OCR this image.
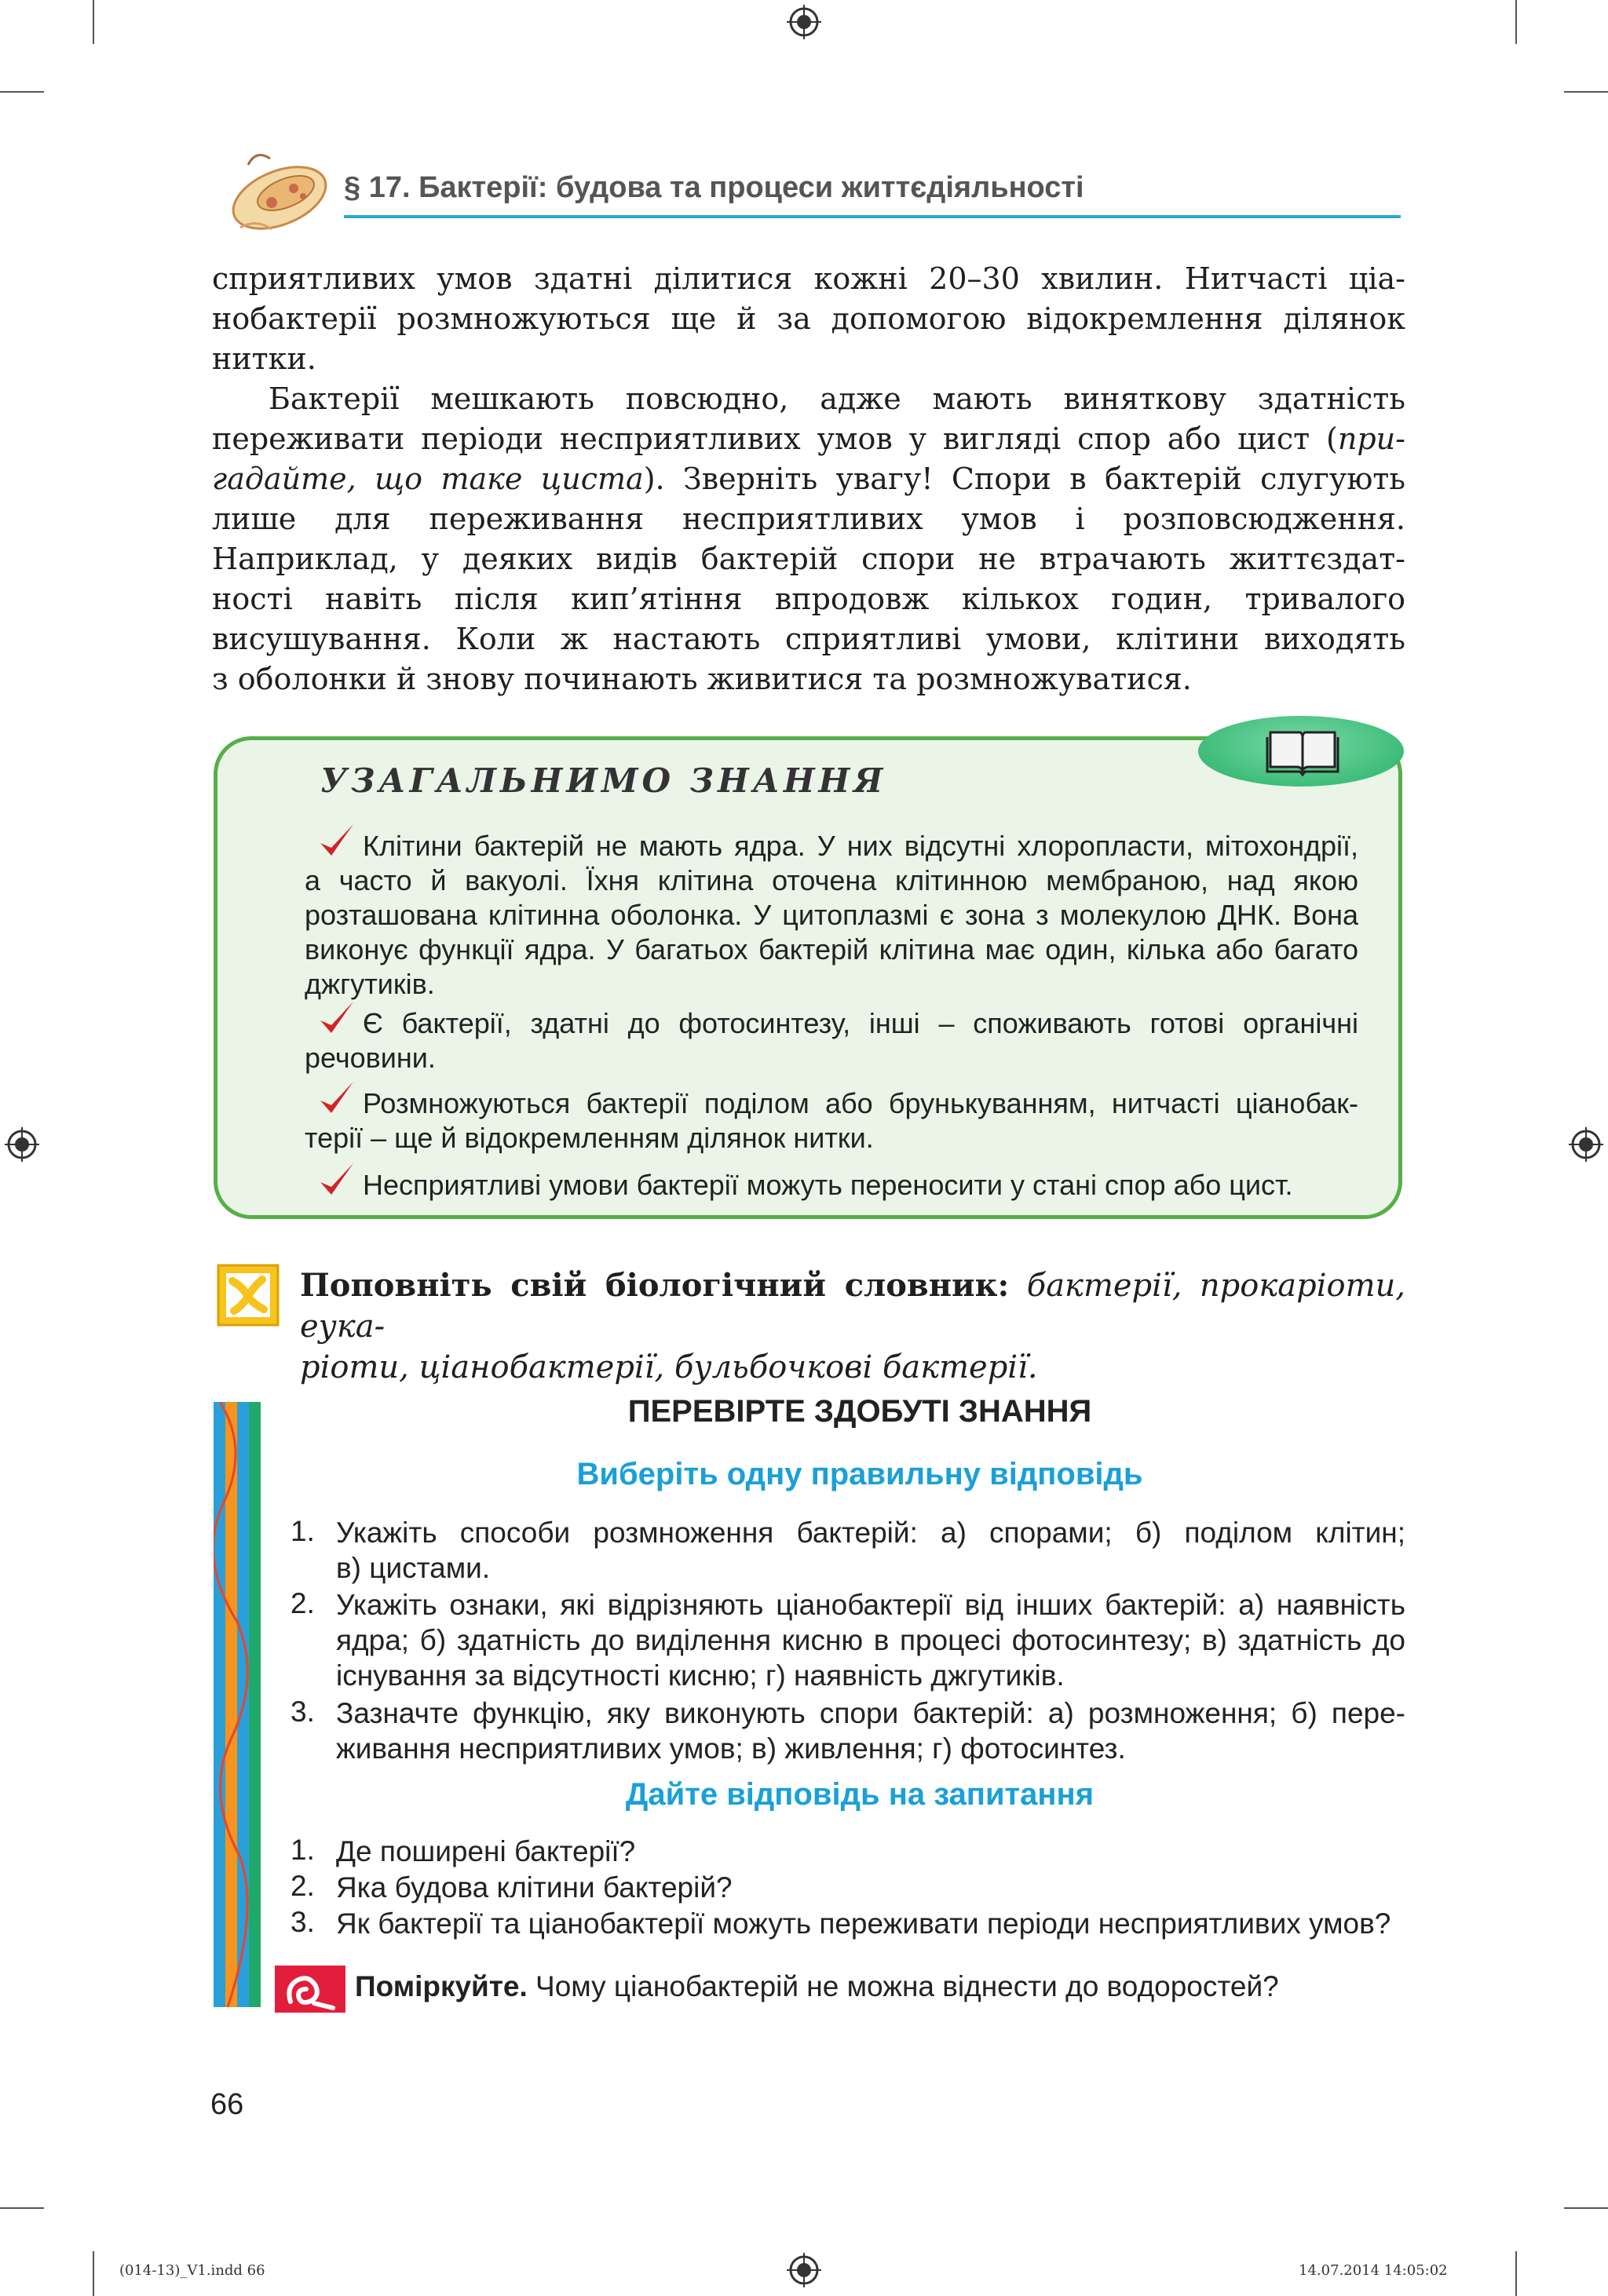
§ 17. Бактерії: будова та процеси життєдіяльності
сприятливих умов здатні ділитися кожні 20–30 хвилин. Нитчасті ціа-
нобактерії розмножуються ще й за допомогою відокремлення ділянок
нитки.
Бактерії мешкають повсюдно, адже мають виняткову здатність
переживати періоди несприятливих умов у вигляді спор або цист (при-
гадайте, що таке циста). Зверніть увагу! Спори в бактерій слугують
лише для переживання несприятливих умов і розповсюдження.
Наприклад, у деяких видів бактерій спори не втрачають життєздат-
ності навіть після кип’ятіння впродовж кількох годин, тривалого
висушування. Коли ж настають сприятливі умови, клітини виходять
з оболонки й знову починають живитися та розмножуватися.
УЗАГАЛЬНИМО ЗНАННЯ
Клітини бактерій не мають ядра. У них відсутні хлоропласти, мітохондрії,
а часто й вакуолі. Їхня клітина оточена клітинною мембраною, над якою
розташована клітинна оболонка. У цитоплазмі є зона з молекулою ДНК. Вона
виконує функції ядра. У багатьох бактерій клітина має один, кілька або багато
джгутиків.
Є бактерії, здатні до фотосинтезу, інші – споживають готові органічні
речовини.
Розмножуються бактерії поділом або брунькуванням, нитчасті ціанобак-
терії – ще й відокремленням ділянок нитки.
Несприятливі умови бактерії можуть переносити у стані спор або цист.
Поповніть свій біологічний словник: бактерії, прокаріоти, еука-
ріоти, ціанобактерії, бульбочкові бактерії.
ПЕРЕВІРТЕ ЗДОБУТІ ЗНАННЯ
Виберіть одну правильну відповідь
1. Укажіть способи розмноження бактерій: а) спорами; б) поділом клітин;
в) цистами.
2. Укажіть ознаки, які відрізняють ціанобактерії від інших бактерій: а) наявність
ядра; б) здатність до виділення кисню в процесі фотосинтезу; в) здатність до
існування за відсутності кисню; г) наявність джгутиків.
3. Зазначте функцію, яку виконують спори бактерій: а) розмноження; б) пере-
живання несприятливих умов; в) живлення; г) фотосинтез.
Дайте відповідь на запитання
1. Де поширені бактерії?
2. Яка будова клітини бактерій?
3. Як бактерії та ціанобактерії можуть переживати періоди несприятливих умов?
Поміркуйте. Чому ціанобактерій не можна віднести до водоростей?
66
(014-13)_V1.indd 66	14.07.2014 14:05:02
